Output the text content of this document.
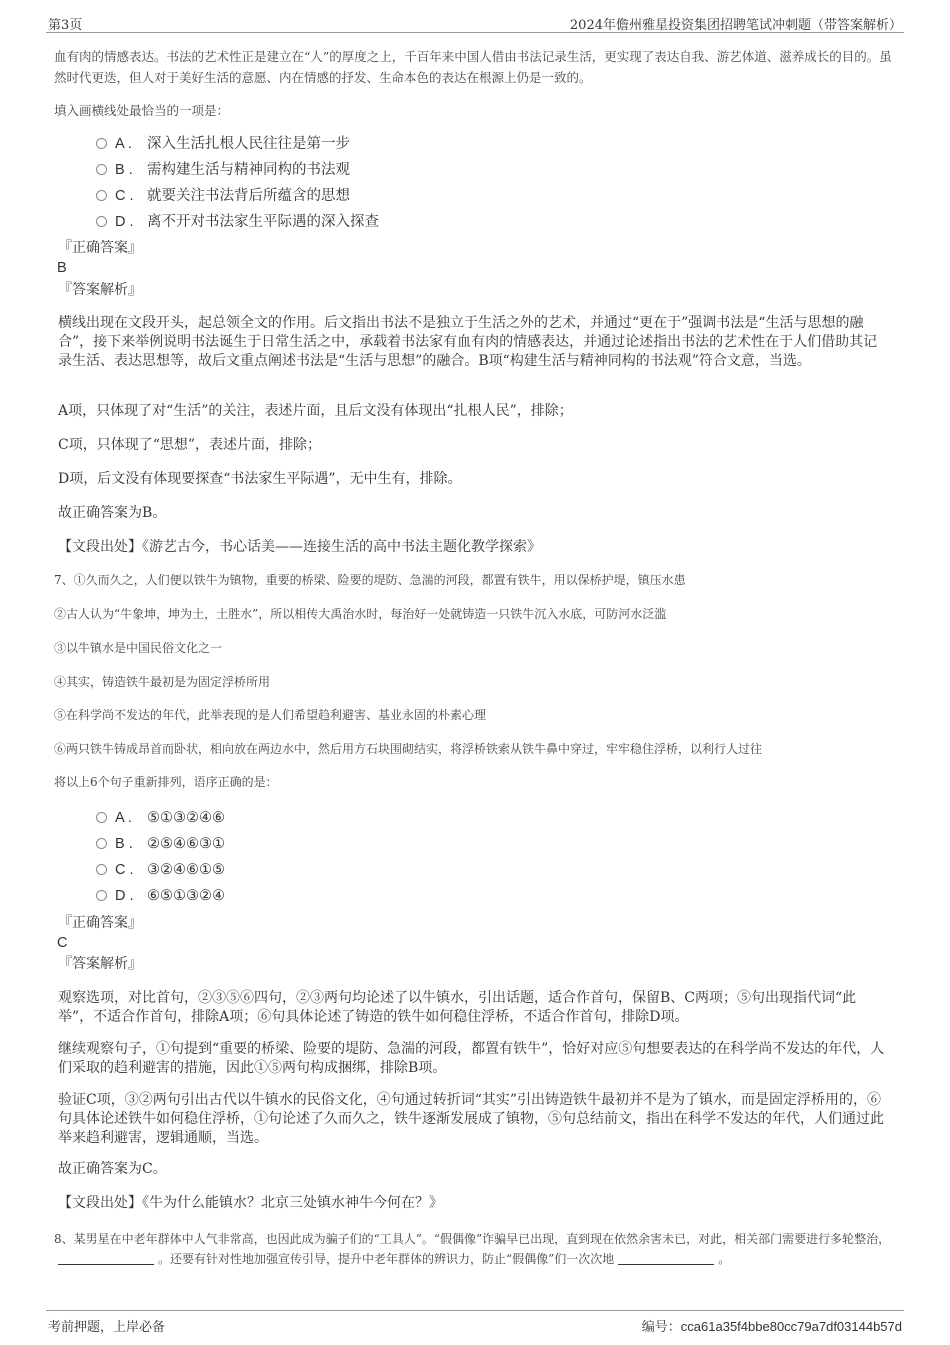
第3页	2024年儋州雅星投资集团招聘笔试冲刺题（带答案解析）
血有肉的情感表达。书法的艺术性正是建立在“人”的厚度之上，千百年来中国人借由书法记录生活，更实现了表达自我、游艺体道、滋养成长的目的。虽然时代更迭，但人对于美好生活的意愿、内在情感的抒发、生命本色的表达在根源上仍是一致的。
填入画横线处最恰当的一项是：
A . 深入生活扎根人民往往是第一步
B . 需构建生活与精神同构的书法观
C . 就要关注书法背后所蕴含的思想
D . 离不开对书法家生平际遇的深入探查
『正确答案』
B
『答案解析』
横线出现在文段开头，起总领全文的作用。后文指出书法不是独立于生活之外的艺术，并通过“更在于”强调书法是“生活与思想的融合”，接下来举例说明书法诞生于日常生活之中，承载着书法家有血有肉的情感表达，并通过论述指出书法的艺术性在于人们借助其记录生活、表达思想等，故后文重点阐述书法是“生活与思想”的融合。B项“构建生活与精神同构的书法观”符合文意，当选。
A项，只体现了对“生活”的关注，表述片面，且后文没有体现出“扎根人民”，排除；
C项，只体现了“思想”，表述片面，排除；
D项，后文没有体现要探查“书法家生平际遇”，无中生有，排除。
故正确答案为B。
【文段出处】《游艺古今，书心话美——连接生活的高中书法主题化教学探索》
7、①久而久之，人们便以铁牛为镇物，重要的桥梁、险要的堤防、急湍的河段，都置有铁牛，用以保桥护堤，镇压水患
②古人认为“牛象坤，坤为土，土胜水”，所以相传大禹治水时，每治好一处就铸造一只铁牛沉入水底，可防河水泛滥
③以牛镇水是中国民俗文化之一
④其实，铸造铁牛最初是为固定浮桥所用
⑤在科学尚不发达的年代，此举表现的是人们希望趋利避害、基业永固的朴素心理
⑥两只铁牛铸成昂首而卧状，相向放在两边水中，然后用方石块围砌结实，将浮桥铁索从铁牛鼻中穿过，牢牢稳住浮桥，以利行人过往
将以上6个句子重新排列，语序正确的是：
A . ⑤①③②④⑥
B . ②⑤④⑥③①
C . ③②④⑥①⑤
D . ⑥⑤①③②④
『正确答案』
C
『答案解析』
观察选项，对比首句，②③⑤⑥四句，②③两句均论述了以牛镇水，引出话题，适合作首句，保留B、C两项；⑤句出现指代词“此举”，不适合作首句，排除A项；⑥句具体论述了铸造的铁牛如何稳住浮桥，不适合作首句，排除D项。
继续观察句子，①句提到“重要的桥梁、险要的堤防、急湍的河段，都置有铁牛”，恰好对应⑤句想要表达的在科学尚不发达的年代，人们采取的趋利避害的措施，因此①⑤两句构成捆绑，排除B项。
验证C项，③②两句引出古代以牛镇水的民俗文化，④句通过转折词“其实”引出铸造铁牛最初并不是为了镇水，而是固定浮桥用的，⑥句具体论述铁牛如何稳住浮桥，①句论述了久而久之，铁牛逐渐发展成了镇物，⑤句总结前文，指出在科学不发达的年代，人们通过此举来趋利避害，逻辑通顺，当选。
故正确答案为C。
【文段出处】《牛为什么能镇水？北京三处镇水神牛今何在？》
8、某男星在中老年群体中人气非常高，也因此成为骗子们的“工具人”。“假偶像”诈骗早已出现，直到现在依然余害未已，对此，相关部门需要进行多轮整治，。还要有针对性地加强宣传引导，提升中老年群体的辨识力，防止“假偶像”们一次次地	。
考前押题，上岸必备	编号：cca61a35f4bbe80cc79a7df03144b57d
